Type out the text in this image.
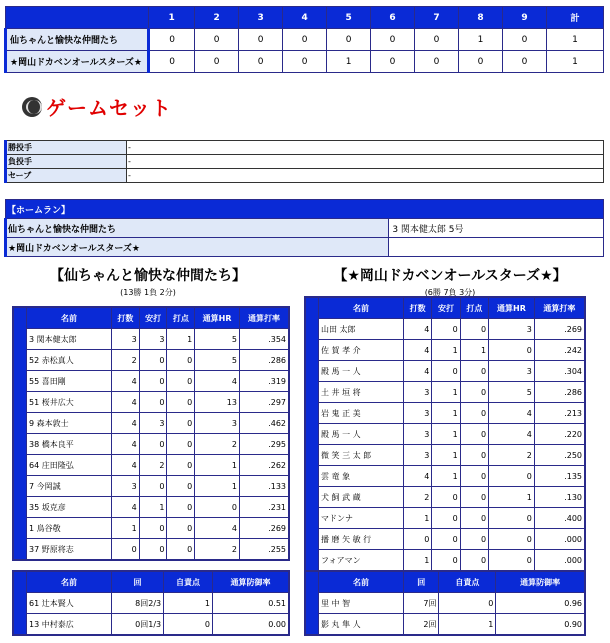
	1	2	3	4	5	6	7	8	9	計
仙ちゃんと愉快な仲間たち	0	0	0	0	0	0	0	1	0	1
★岡山ドカベンオールスターズ★	0	0	0	0	1	0	0	0	0	1
ゲームセット
勝投手	-
負投手	-
セーブ	-
【ホームラン】	
仙ちゃんと愉快な仲間たち	3 関本健太郎 5号
★岡山ドカベンオールスターズ★	
【仙ちゃんと愉快な仲間たち】
(13勝 1負 2分)
【★岡山ドカベンオールスターズ★】
(6勝 7負 3分)
	名前	打数	安打	打点	通算HR	通算打率
	3 関本健太郎	3	3	1	5	.354
	52 赤松真人	2	0	0	5	.286
	55 喜田剛	4	0	0	4	.319
	51 桜井広大	4	0	0	13	.297
	9 森本敦士	4	3	0	3	.462
	38 橋本良平	4	0	0	2	.295
	64 庄田隆弘	4	2	0	1	.262
	7 今岡誠	3	0	0	1	.133
	35 坂克彦	4	1	0	0	.231
	1 鳥谷敬	1	0	0	4	.269
	37 野原将志	0	0	0	2	.255
	名前	打数	安打	打点	通算HR	通算打率
	山田 太郎	4	0	0	3	.269
	佐 賀 孝 介	4	1	1	0	.242
	殿 馬 一 人	4	0	0	3	.304
	土 井 垣 将	3	1	0	5	.286
	岩 鬼 正 美	3	1	0	4	.213
	殿 馬 一 人	3	1	0	4	.220
	微 笑 三 太 郎	3	1	0	2	.250
	雲 竜 象	4	1	0	0	.135
	犬 飼 武 蔵	2	0	0	1	.130
	マドンナ	1	0	0	0	.400
	播 磨 矢 敏 行	0	0	0	0	.000
	フォアマン	1	0	0	0	.000
	名前	回	自責点	通算防御率
	61 辻本賢人	8回2/3	1	0.51
	13 中村泰広	0回1/3	0	0.00
	名前	回	自責点	通算防御率
	里 中 智	7回	0	0.96
	影 丸 隼 人	2回	1	0.90
